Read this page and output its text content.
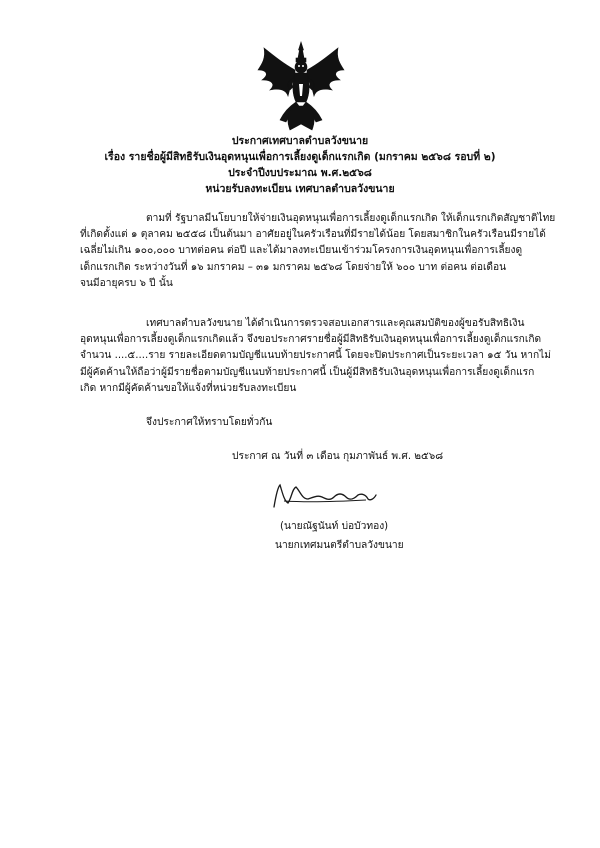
ประกาศเทศบาลตำบลวังขนาย
เรื่อง รายชื่อผู้มีสิทธิรับเงินอุดหนุนเพื่อการเลี้ยงดูเด็กแรกเกิด (มกราคม ๒๕๖๘ รอบที่ ๒)
ประจำปีงบประมาณ พ.ศ.๒๕๖๘
หน่วยรับลงทะเบียน เทศบาลตำบลวังขนาย
ตามที่ รัฐบาลมีนโยบายให้จ่ายเงินอุดหนุนเพื่อการเลี้ยงดูเด็กแรกเกิด ให้เด็กแรกเกิดสัญชาติไทย
ที่เกิดตั้งแต่ ๑ ตุลาคม ๒๕๕๘ เป็นต้นมา อาศัยอยู่ในครัวเรือนที่มีรายได้น้อย โดยสมาชิกในครัวเรือนมีรายได้
เฉลี่ยไม่เกิน ๑๐๐,๐๐๐ บาทต่อคน ต่อปี และได้มาลงทะเบียนเข้าร่วมโครงการเงินอุดหนุนเพื่อการเลี้ยงดู
เด็กแรกเกิด ระหว่างวันที่ ๑๖ มกราคม – ๓๑ มกราคม ๒๕๖๘ โดยจ่ายให้ ๖๐๐ บาท ต่อคน ต่อเดือน
จนมีอายุครบ ๖ ปี นั้น
เทศบาลตำบลวังขนาย ได้ดำเนินการตรวจสอบเอกสารและคุณสมบัติของผู้ขอรับสิทธิเงิน
อุดหนุนเพื่อการเลี้ยงดูเด็กแรกเกิดแล้ว จึงขอประกาศรายชื่อผู้มีสิทธิรับเงินอุดหนุนเพื่อการเลี้ยงดูเด็กแรกเกิด
จำนวน ....๕....ราย รายละเอียดตามบัญชีแนบท้ายประกาศนี้ โดยจะปิดประกาศเป็นระยะเวลา ๑๕ วัน หากไม่
มีผู้คัดค้านให้ถือว่าผู้มีรายชื่อตามบัญชีแนบท้ายประกาศนี้ เป็นผู้มีสิทธิรับเงินอุดหนุนเพื่อการเลี้ยงดูเด็กแรก
เกิด หากมีผู้คัดค้านขอให้แจ้งที่หน่วยรับลงทะเบียน
จึงประกาศให้ทราบโดยทั่วกัน
ประกาศ ณ วันที่ ๓ เดือน กุมภาพันธ์ พ.ศ. ๒๕๖๘
(นายณัฐนันท์ บ่อบัวทอง)
นายกเทศมนตรีตำบลวังขนาย
